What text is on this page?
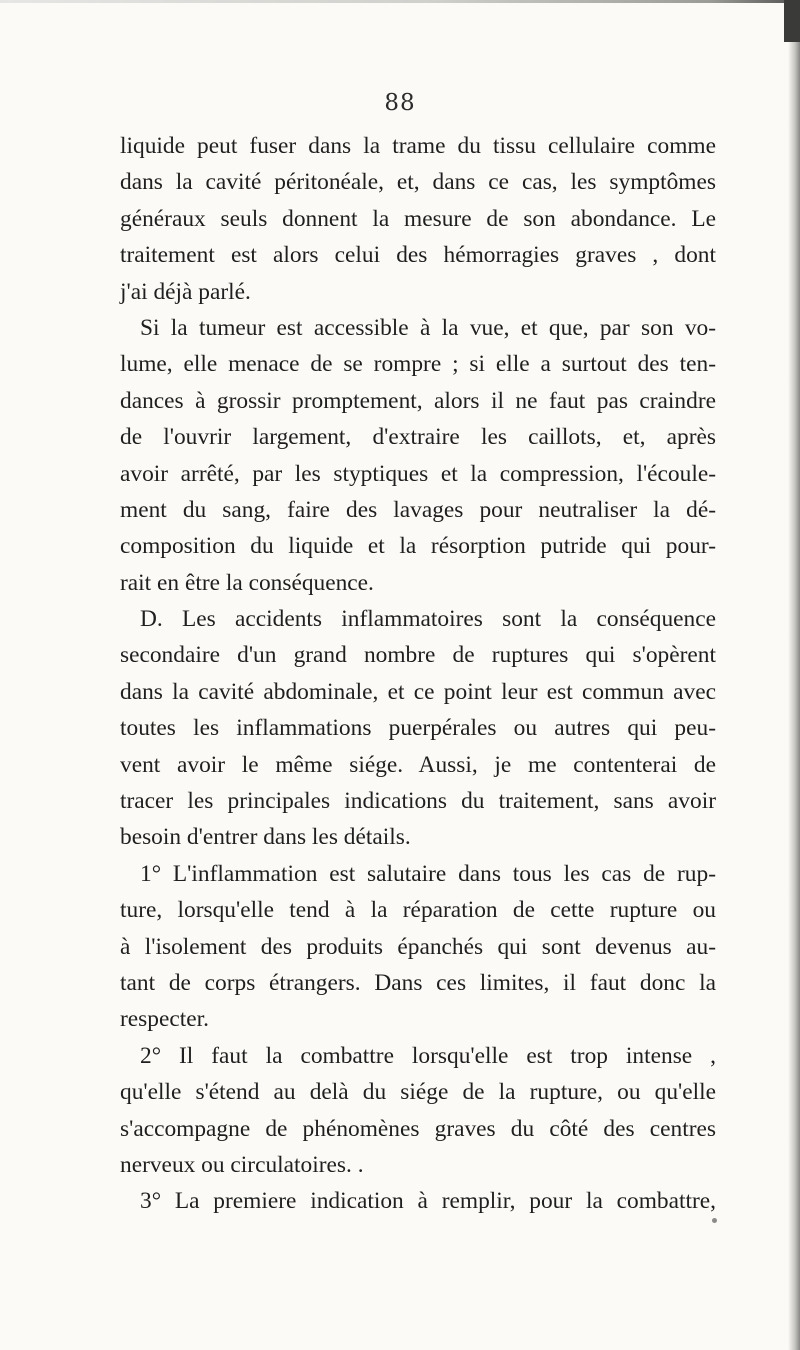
88
liquide peut fuser dans la trame du tissu cellulaire comme
dans la cavité péritonéale, et, dans ce cas, les symptômes
généraux seuls donnent la mesure de son abondance. Le
traitement est alors celui des hémorragies graves , dont
j'ai déjà parlé.
Si la tumeur est accessible à la vue, et que, par son vo-
lume, elle menace de se rompre ; si elle a surtout des ten-
dances à grossir promptement, alors il ne faut pas craindre
de l'ouvrir largement, d'extraire les caillots, et, après
avoir arrêté, par les styptiques et la compression, l'écoule-
ment du sang, faire des lavages pour neutraliser la dé-
composition du liquide et la résorption putride qui pour-
rait en être la conséquence.
D. Les accidents inflammatoires sont la conséquence
secondaire d'un grand nombre de ruptures qui s'opèrent
dans la cavité abdominale, et ce point leur est commun avec
toutes les inflammations puerpérales ou autres qui peu-
vent avoir le même siége. Aussi, je me contenterai de
tracer les principales indications du traitement, sans avoir
besoin d'entrer dans les détails.
1° L'inflammation est salutaire dans tous les cas de rup-
ture, lorsqu'elle tend à la réparation de cette rupture ou
à l'isolement des produits épanchés qui sont devenus au-
tant de corps étrangers. Dans ces limites, il faut donc la
respecter.
2° Il faut la combattre lorsqu'elle est trop intense ,
qu'elle s'étend au delà du siége de la rupture, ou qu'elle
s'accompagne de phénomènes graves du côté des centres
nerveux ou circulatoires. .
3° La premiere indication à remplir, pour la combattre,
